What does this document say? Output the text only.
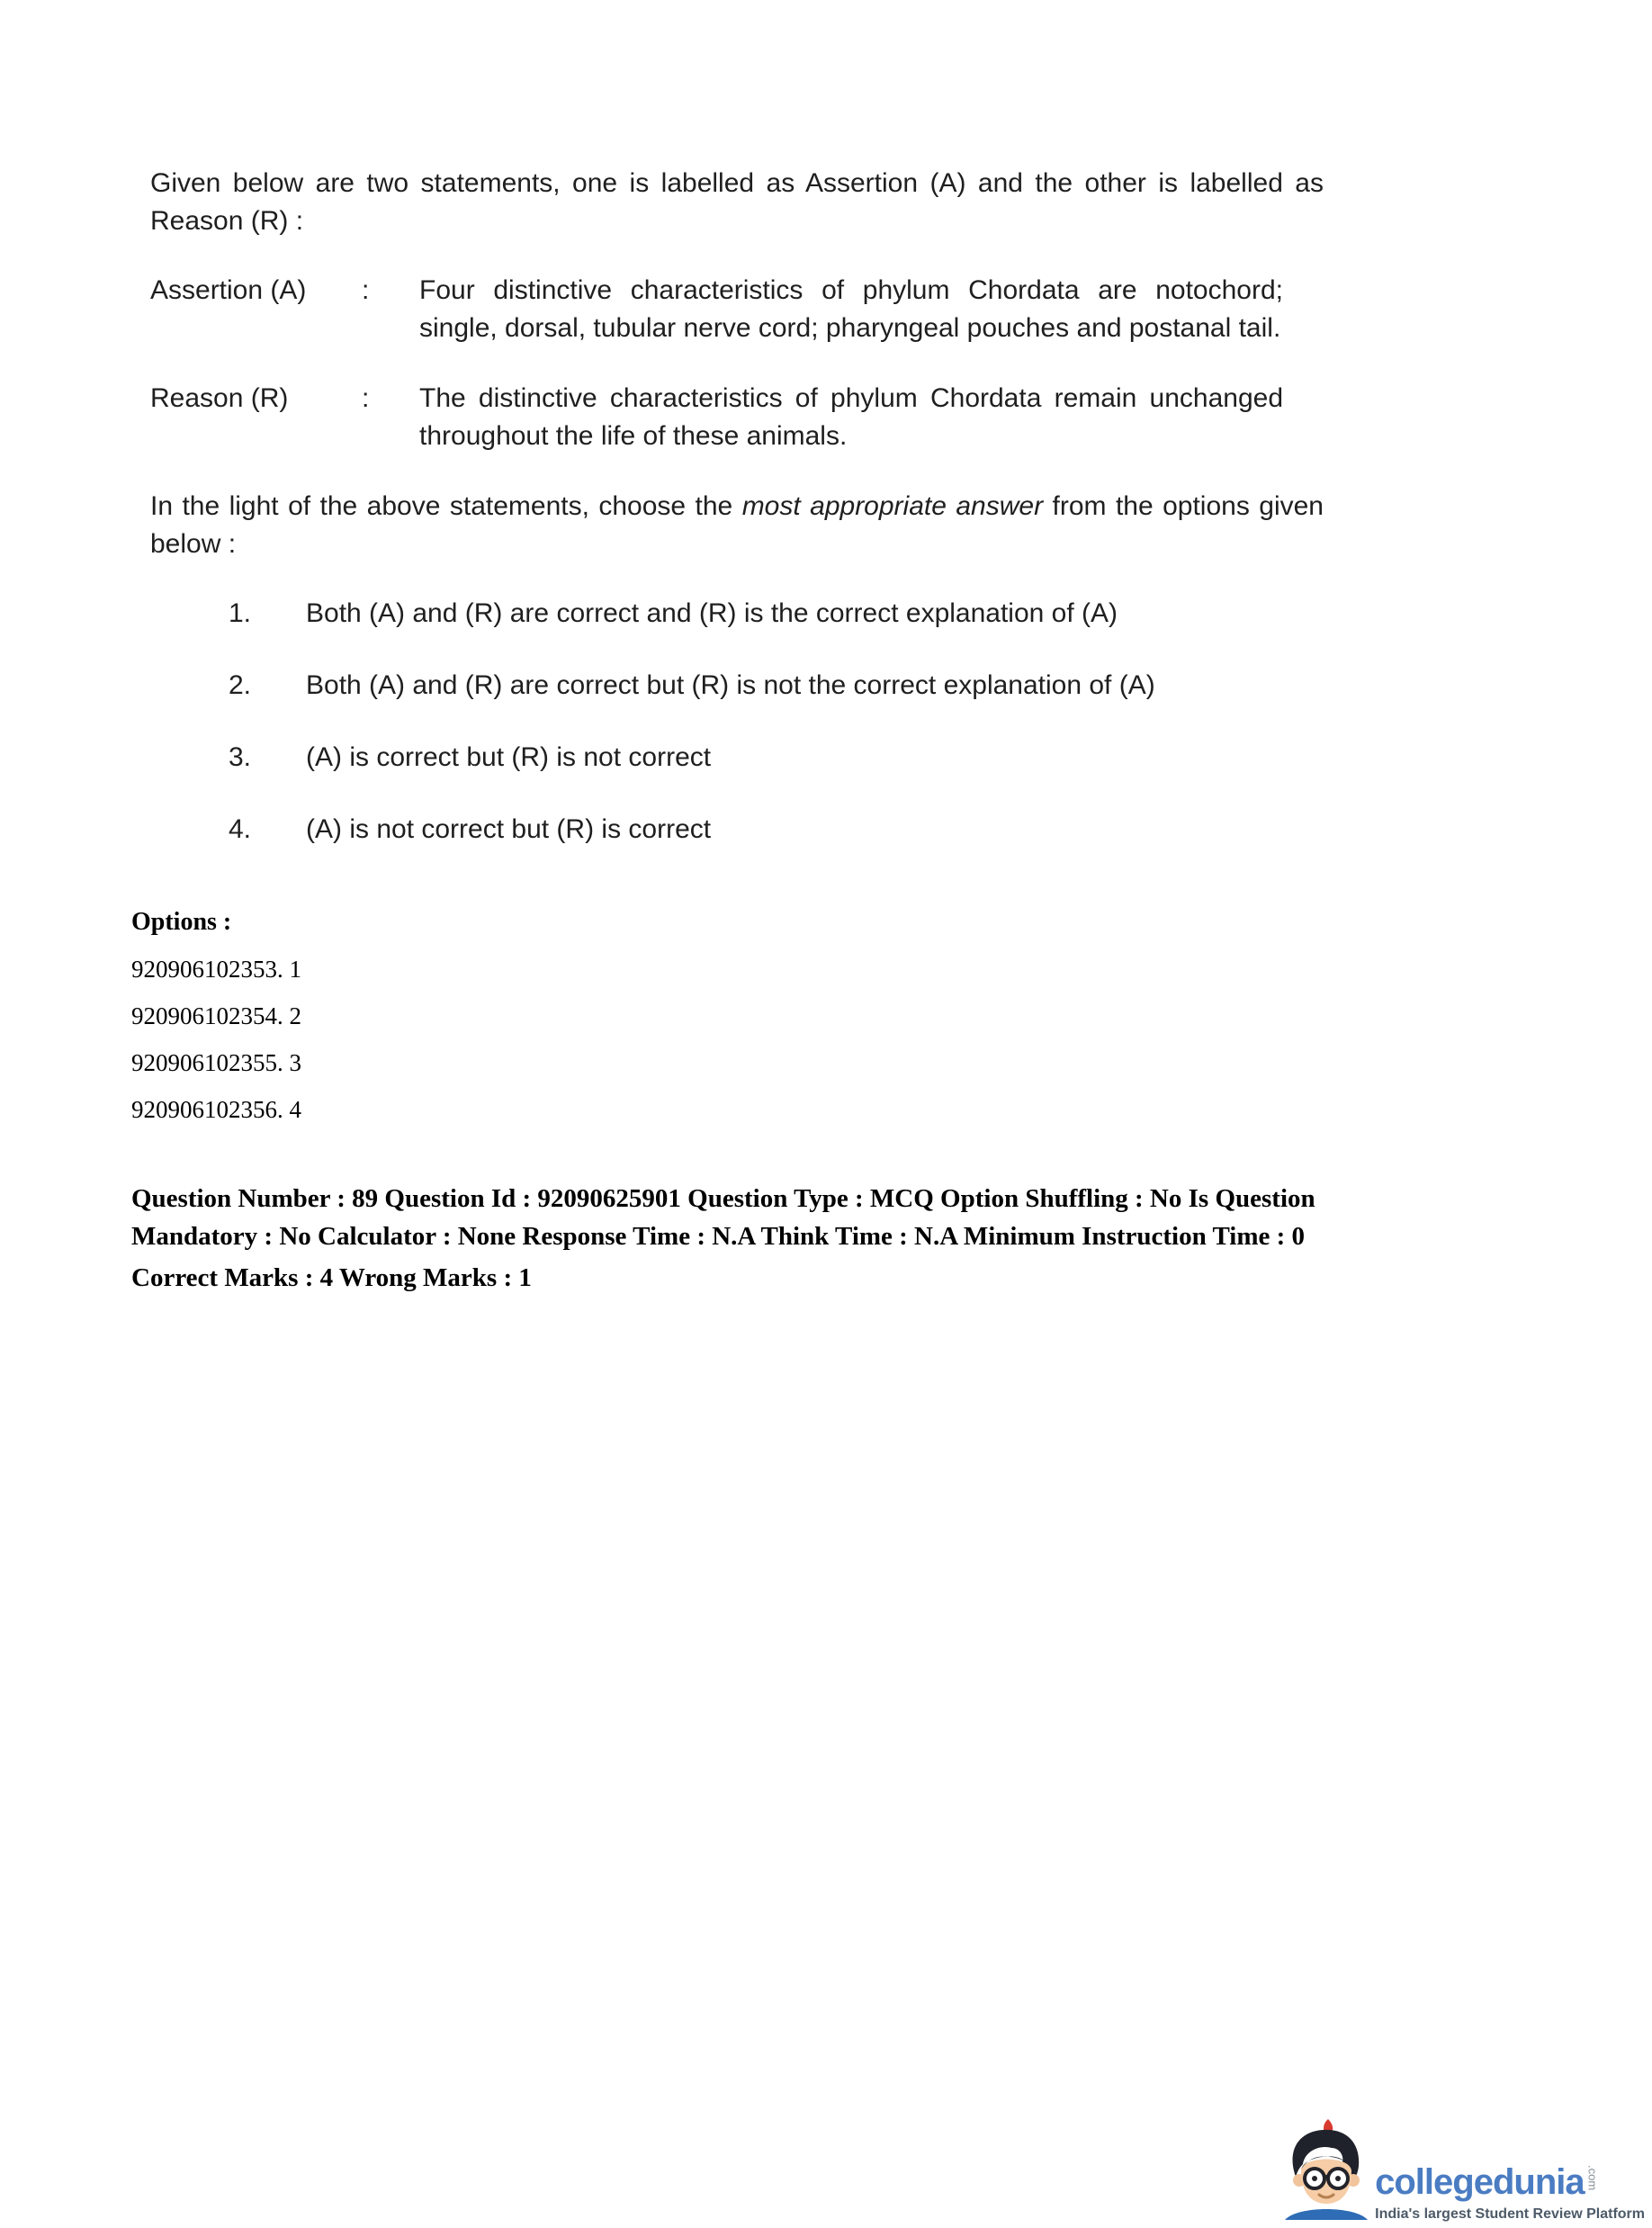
Given below are two statements, one is labelled as Assertion (A) and the other is labelled as Reason (R) :
Assertion (A)	:	Four distinctive characteristics of phylum Chordata are notochord; single, dorsal, tubular nerve cord; pharyngeal pouches and postanal tail.
Reason (R)	:	The distinctive characteristics of phylum Chordata remain unchanged throughout the life of these animals.
In the light of the above statements, choose the most appropriate answer from the options given below :
1.	Both (A) and (R) are correct and (R) is the correct explanation of (A)
2.	Both (A) and (R) are correct but (R) is not the correct explanation of (A)
3.	(A) is correct but (R) is not correct
4.	(A) is not correct but (R) is correct
Options :
920906102353. 1
920906102354. 2
920906102355. 3
920906102356. 4
Question Number : 89 Question Id : 92090625901 Question Type : MCQ Option Shuffling : No Is Question Mandatory : No Calculator : None Response Time : N.A Think Time : N.A Minimum Instruction Time : 0
Correct Marks : 4 Wrong Marks : 1
collegedunia .com
India's largest Student Review Platform
